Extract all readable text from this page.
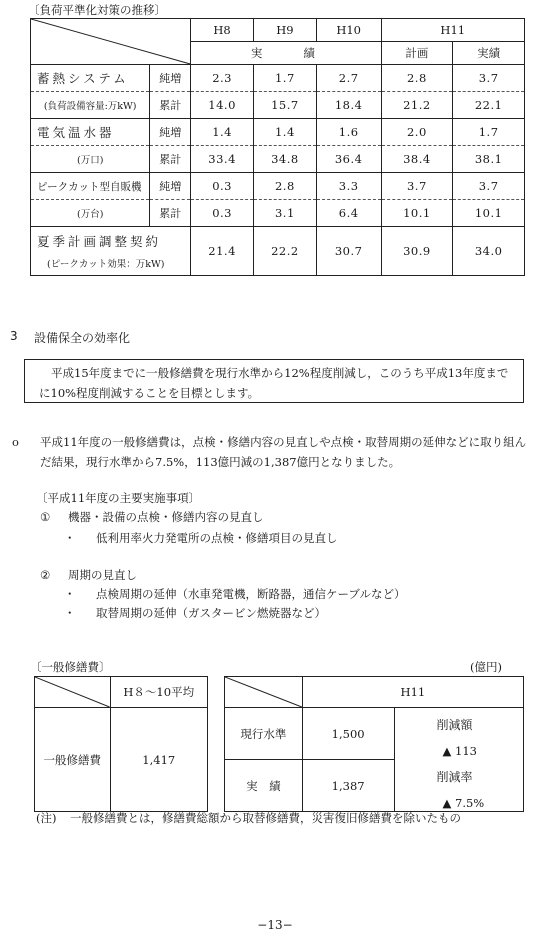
〔負荷平準化対策の推移〕
	H8	H9	H10	H11	
		実　　績			計画	実績
蓄熱システム	純増	2.3	1.7	2.7	2.8	3.7
(負荷設備容量:万kW)	累計	14.0	15.7	18.4	21.2	22.1
電気温水器	純増	1.4	1.4	1.6	2.0	1.7
(万口)	累計	33.4	34.8	36.4	38.4	38.1
ピークカット型自販機	純増	0.3	2.8	3.3	3.7	3.7
(万台)	累計	0.3	3.1	6.4	10.1	10.1

夏季計画調整契約
(ピークカット効果：万kW)		21.4	22.2	30.7	30.9	34.0
3 設備保全の効率化
平成15年度までに一般修繕費を現行水準から12%程度削減し，このうち平成13年度までに10%程度削減することを目標とします。
o	平成11年度の一般修繕費は，点検・修繕内容の見直しや点検・取替周期の延伸などに取り組んだ結果，現行水準から7.5%，113億円減の1,387億円となりました。
〔平成11年度の主要実施事項〕
① 機器・設備の点検・修繕内容の見直し
・ 低利用率火力発電所の点検・修繕項目の見直し
② 周期の見直し
・ 点検周期の延伸（水車発電機，断路器，通信ケーブルなど）
・ 取替周期の延伸（ガスタービン燃焼器など）
〔一般修繕費〕	(億円)
	H８〜10平均
一般修繕費	1,417
	H11	
現行水準	1,500	削減額
▲ 113
削減率
▲ 7.5%

実　績	1,387	
(注) 一般修繕費とは，修繕費総額から取替修繕費，災害復旧修繕費を除いたもの
−13−
